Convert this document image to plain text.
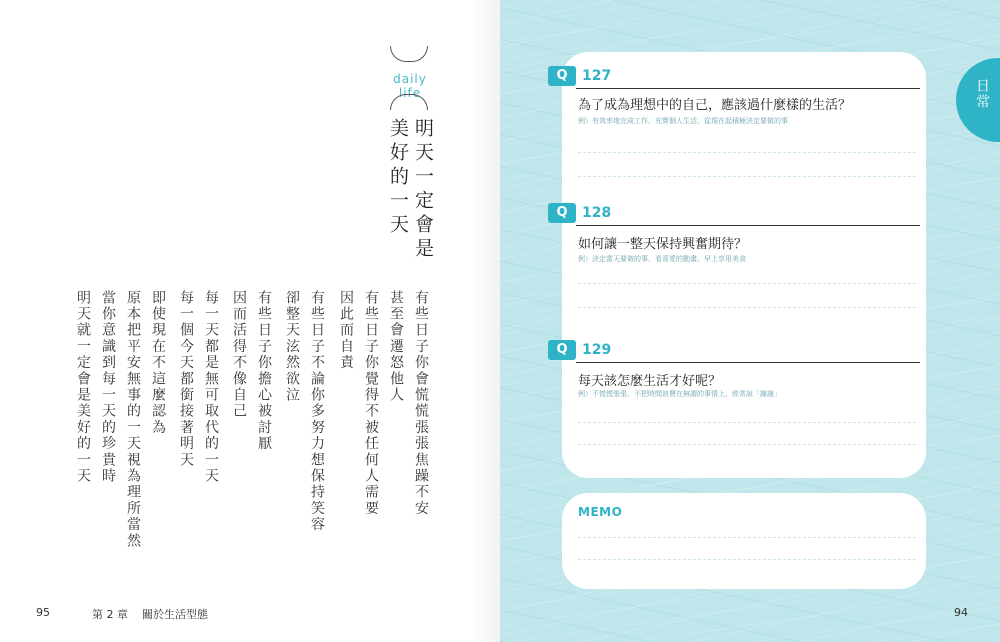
daily life
明天一定會是
美好的一天
有些日子你會慌慌張張焦躁不安
甚至會遷怒他人
有些日子你覺得不被任何人需要
因此而自責
有些日子不論你多努力想保持笑容
卻整天泫然欲泣
有些日子你擔心被討厭
因而活得不像自己
每一天都是無可取代的一天
每一個今天都銜接著明天
即使現在不這麼認為
原本把平安無事的一天視為理所當然
當你意識到每一天的珍貴時
明天就一定會是美好的一天
95	第 2 章 關於生活型態
日常
Q	127
為了成為理想中的自己，應該過什麼樣的生活？
例）有效率地完成工作、充實個人生活、從現在起積極決定要做的事
Q	128
如何讓一整天保持興奮期待？
例）決定當天要做的事、看喜愛的動畫、早上享用美食
Q	129
每天該怎麼生活才好呢？
例）不慌慌張張、不把時間浪費在無謂的事情上、經常說「謝謝」
MEMO
94
